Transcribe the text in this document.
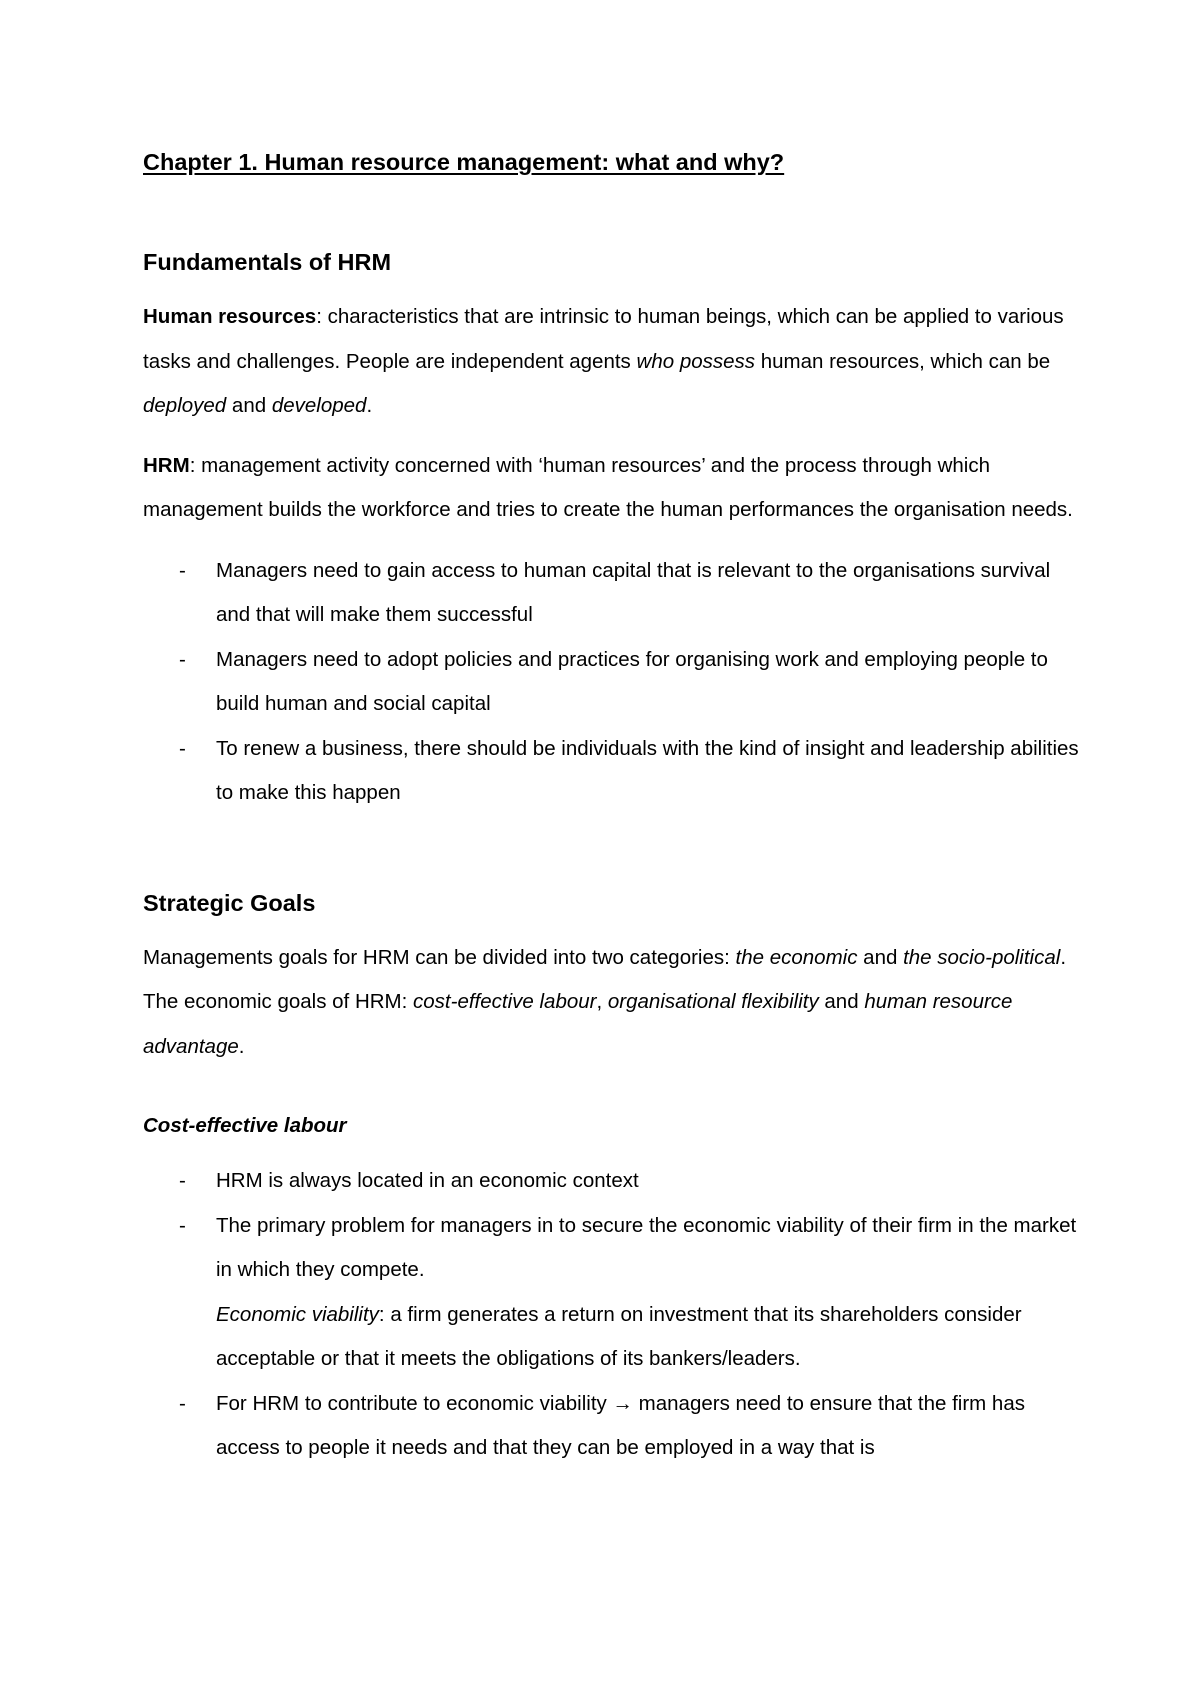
Chapter 1. Human resource management: what and why?
Fundamentals of HRM

Human resources: characteristics that are intrinsic to human beings, which can be applied to various tasks and challenges. People are independent agents who possess human resources, which can be deployed and developed.

HRM: management activity concerned with ‘human resources’ and the process through which management builds the workforce and tries to create the human performances the organisation needs.

- Managers need to gain access to human capital that is relevant to the organisations survival and that will make them successful
- Managers need to adopt policies and practices for organising work and employing people to build human and social capital
- To renew a business, there should be individuals with the kind of insight and leadership abilities to make this happen
Strategic Goals

Managements goals for HRM can be divided into two categories: the economic and the socio-political. The economic goals of HRM: cost-effective labour, organisational flexibility and human resource advantage.

Cost-effective labour
- HRM is always located in an economic context
- The primary problem for managers in to secure the economic viability of their firm in the market in which they compete.
Economic viability: a firm generates a return on investment that its shareholders consider acceptable or that it meets the obligations of its bankers/leaders.
- For HRM to contribute to economic viability → managers need to ensure that the firm has access to people it needs and that they can be employed in a way that is
